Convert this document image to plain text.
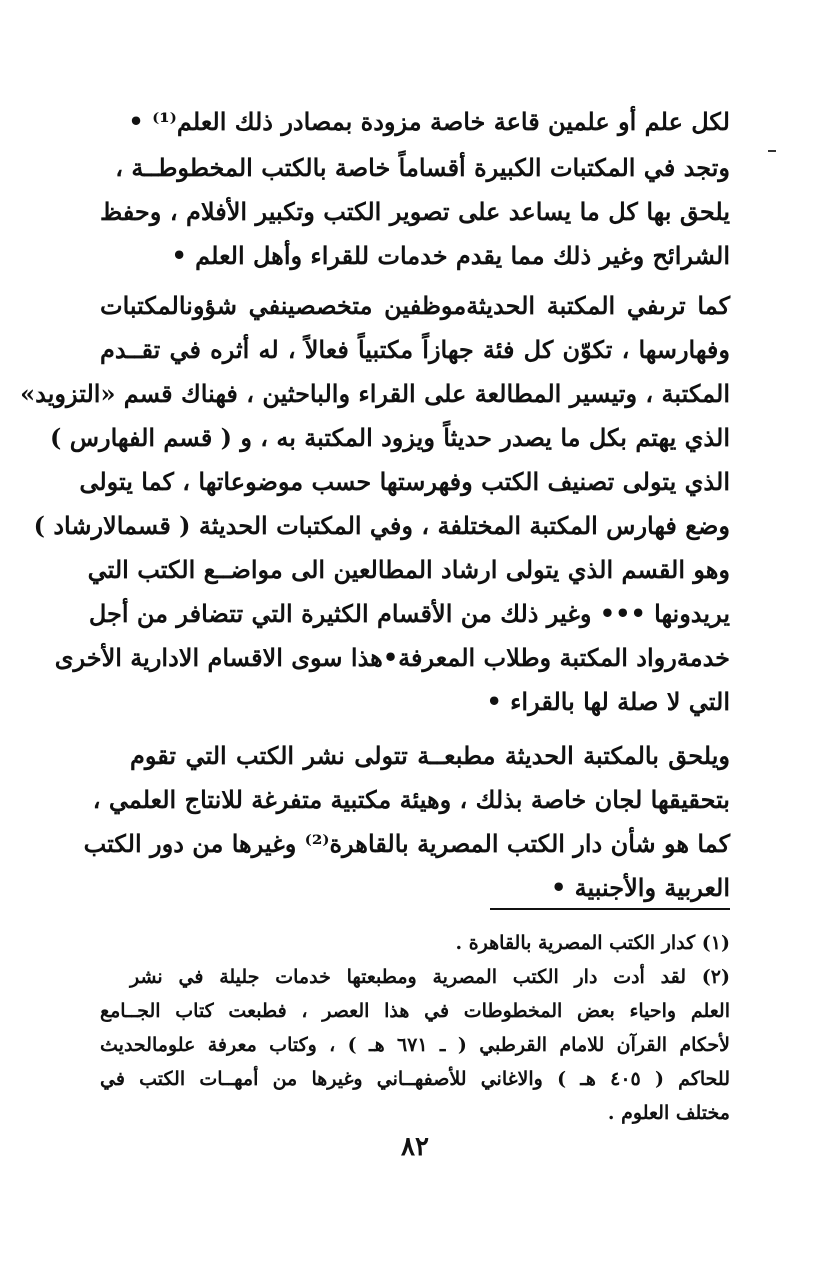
لكل علم أو علمين قاعة خاصة مزودة بمصادر ذلك العلم⁽¹⁾ •
وتجد في المكتبات الكبيرة أقساماً خاصة بالكتب المخطوطــة ،
يلحق بها كل ما يساعد على تصوير الكتب وتكبير الأفلام ، وحفظ
الشرائح وغير ذلك مما يقدم خدمات للقراء وأهل العلم •
كما ترىفي المكتبة الحديثةموظفين متخصصينفي شؤونالمكتبات
وفهارسها ، تكوّن كل فئة جهازاً مكتبياً فعالاً ، له أثره في تقــدم
المكتبة ، وتيسير المطالعة على القراء والباحثين ، فهناك قسم «التزويد»
الذي يهتم بكل ما يصدر حديثاً ويزود المكتبة به ، و ( قسم الفهارس )
الذي يتولى تصنيف الكتب وفهرستها حسب موضوعاتها ، كما يتولى
وضع فهارس المكتبة المختلفة ، وفي المكتبات الحديثة ( قسمالارشاد )
وهو القسم الذي يتولى ارشاد المطالعين الى مواضــع الكتب التي
يريدونها ••• وغير ذلك من الأقسام الكثيرة التي تتضافر من أجل
خدمةرواد المكتبة وطلاب المعرفة•هذا سوى الاقسام الادارية الأخرى
التي لا صلة لها بالقراء •
ويلحق بالمكتبة الحديثة مطبعــة تتولى نشر الكتب التي تقوم
بتحقيقها لجان خاصة بذلك ، وهيئة مكتبية متفرغة للانتاج العلمي ،
كما هو شأن دار الكتب المصرية بالقاهرة⁽²⁾ وغيرها من دور الكتب
(١) كدار الكتب المصرية بالقاهرة .
(٢) لقد أدت دار الكتب المصرية ومطبعتها خدمات جليلة في نشر
العلم واحياء بعض المخطوطات في هذا العصر ، فطبعت كتاب الجــامع
لأحكام القرآن للامام القرطبي ( ـ ٦٧١ هـ ) ، وكتاب معرفة علومالحديث
للحاكم ( ٤٠٥ هـ ) والاغاني للأصفهــاني وغيرها من أمهــات الكتب في
مختلف العلوم .
٨٢
العربية والأجنبية •
